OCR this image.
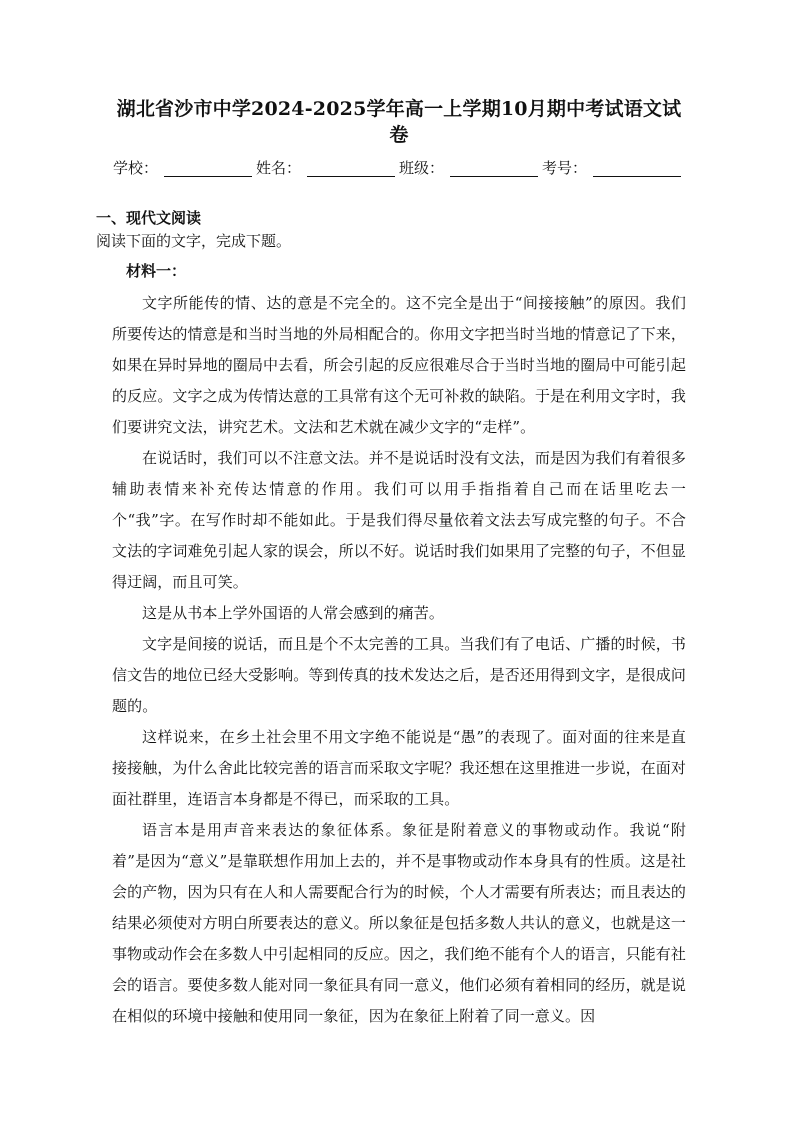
湖北省沙市中学2024-2025学年高一上学期10月期中考试语文试卷
学校：	姓名：	班级：	考号：
一、现代文阅读
阅读下面的文字，完成下题。
材料一：

文字所能传的情、达的意是不完全的。这不完全是出于“间接接触”的原因。我们所要传达的情意是和当时当地的外局相配合的。你用文字把当时当地的情意记了下来，如果在异时异地的圈局中去看，所会引起的反应很难尽合于当时当地的圈局中可能引起的反应。文字之成为传情达意的工具常有这个无可补救的缺陷。于是在利用文字时，我们要讲究文法，讲究艺术。文法和艺术就在减少文字的“走样”。

在说话时，我们可以不注意文法。并不是说话时没有文法，而是因为我们有着很多辅助表情来补充传达情意的作用。我们可以用手指指着自己而在话里吃去一个“我”字。在写作时却不能如此。于是我们得尽量依着文法去写成完整的句子。不合文法的字词难免引起人家的误会，所以不好。说话时我们如果用了完整的句子，不但显得迂阔，而且可笑。

这是从书本上学外国语的人常会感到的痛苦。

文字是间接的说话，而且是个不太完善的工具。当我们有了电话、广播的时候，书信文告的地位已经大受影响。等到传真的技术发达之后，是否还用得到文字，是很成问题的。

这样说来，在乡土社会里不用文字绝不能说是“愚”的表现了。面对面的往来是直接接触，为什么舍此比较完善的语言而采取文字呢？我还想在这里推进一步说，在面对面社群里，连语言本身都是不得已，而采取的工具。

语言本是用声音来表达的象征体系。象征是附着意义的事物或动作。我说“附着”是因为“意义”是靠联想作用加上去的，并不是事物或动作本身具有的性质。这是社会的产物，因为只有在人和人需要配合行为的时候，个人才需要有所表达；而且表达的结果必须使对方明白所要表达的意义。所以象征是包括多数人共认的意义，也就是这一事物或动作会在多数人中引起相同的反应。因之，我们绝不能有个人的语言，只能有社会的语言。要使多数人能对同一象征具有同一意义，他们必须有着相同的经历，就是说在相似的环境中接触和使用同一象征，因为在象征上附着了同一意义。因
